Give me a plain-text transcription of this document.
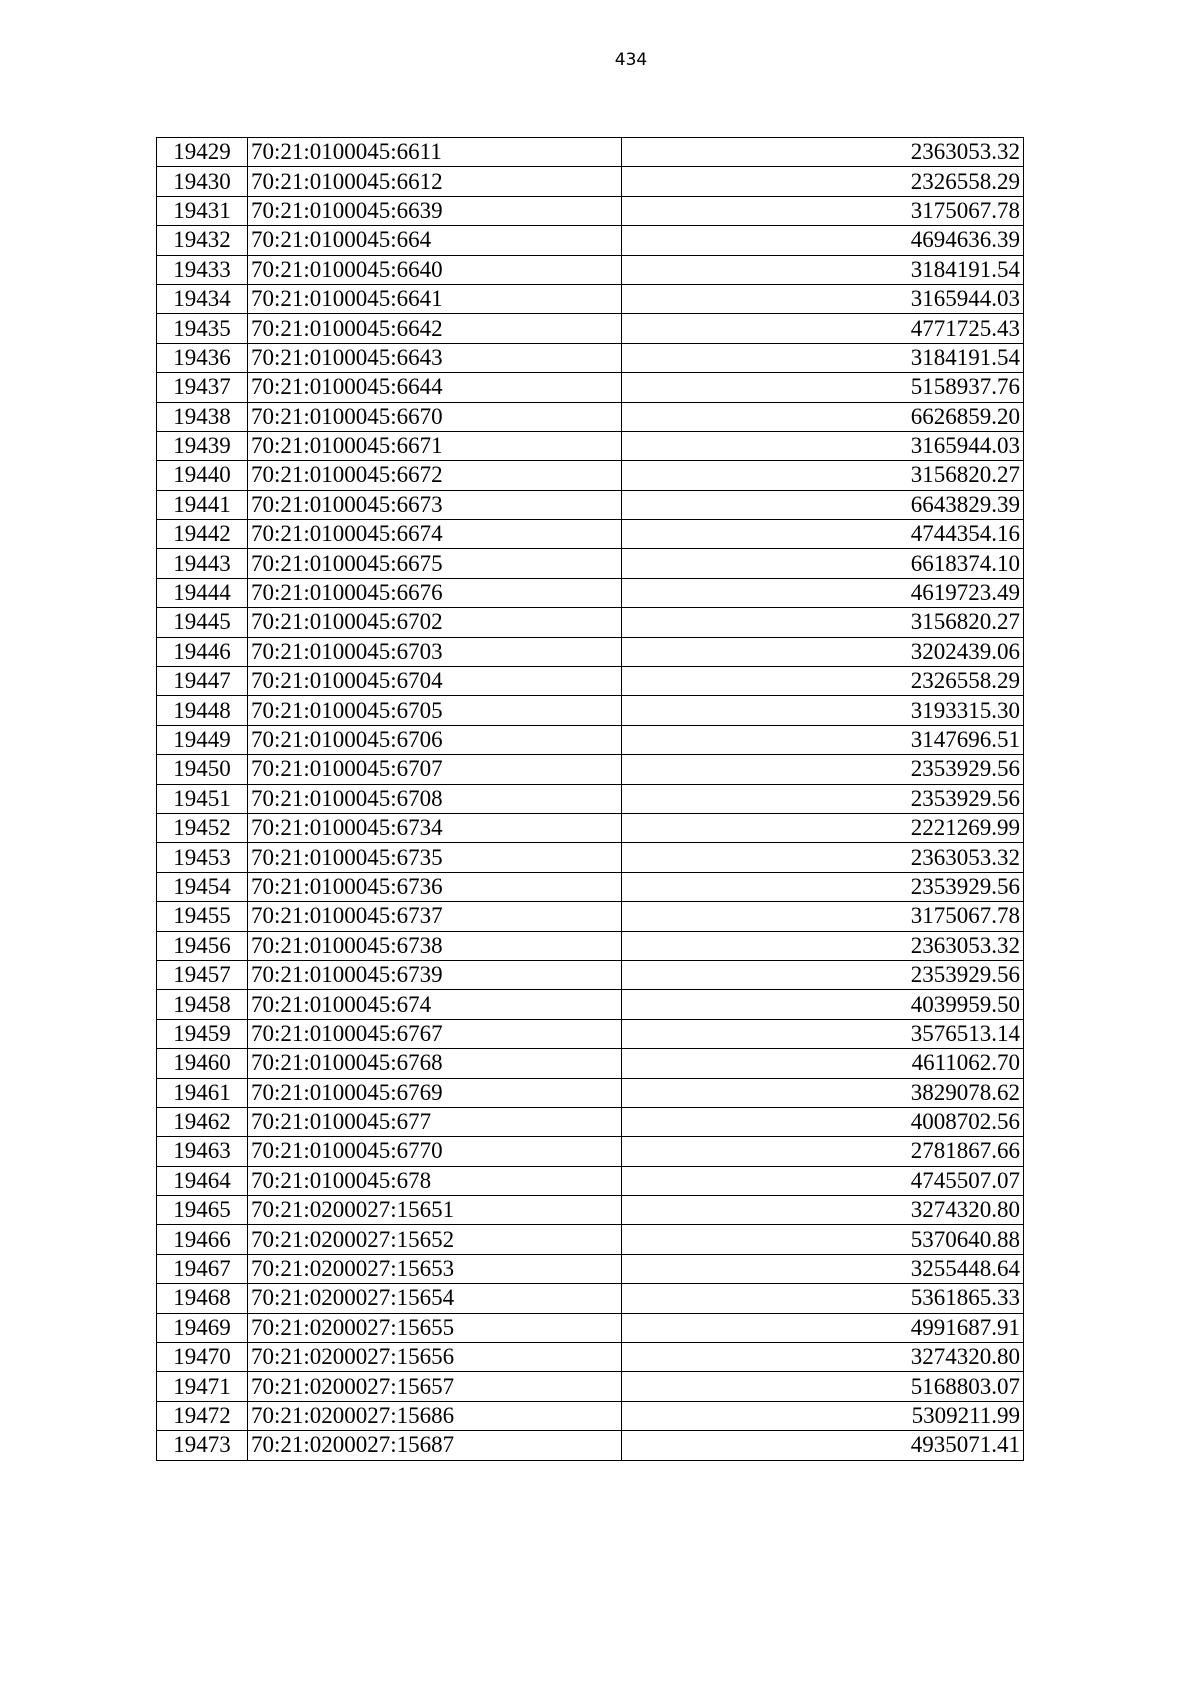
434
19429	70:21:0100045:6611	2363053.32
19430	70:21:0100045:6612	2326558.29
19431	70:21:0100045:6639	3175067.78
19432	70:21:0100045:664	4694636.39
19433	70:21:0100045:6640	3184191.54
19434	70:21:0100045:6641	3165944.03
19435	70:21:0100045:6642	4771725.43
19436	70:21:0100045:6643	3184191.54
19437	70:21:0100045:6644	5158937.76
19438	70:21:0100045:6670	6626859.20
19439	70:21:0100045:6671	3165944.03
19440	70:21:0100045:6672	3156820.27
19441	70:21:0100045:6673	6643829.39
19442	70:21:0100045:6674	4744354.16
19443	70:21:0100045:6675	6618374.10
19444	70:21:0100045:6676	4619723.49
19445	70:21:0100045:6702	3156820.27
19446	70:21:0100045:6703	3202439.06
19447	70:21:0100045:6704	2326558.29
19448	70:21:0100045:6705	3193315.30
19449	70:21:0100045:6706	3147696.51
19450	70:21:0100045:6707	2353929.56
19451	70:21:0100045:6708	2353929.56
19452	70:21:0100045:6734	2221269.99
19453	70:21:0100045:6735	2363053.32
19454	70:21:0100045:6736	2353929.56
19455	70:21:0100045:6737	3175067.78
19456	70:21:0100045:6738	2363053.32
19457	70:21:0100045:6739	2353929.56
19458	70:21:0100045:674	4039959.50
19459	70:21:0100045:6767	3576513.14
19460	70:21:0100045:6768	4611062.70
19461	70:21:0100045:6769	3829078.62
19462	70:21:0100045:677	4008702.56
19463	70:21:0100045:6770	2781867.66
19464	70:21:0100045:678	4745507.07
19465	70:21:0200027:15651	3274320.80
19466	70:21:0200027:15652	5370640.88
19467	70:21:0200027:15653	3255448.64
19468	70:21:0200027:15654	5361865.33
19469	70:21:0200027:15655	4991687.91
19470	70:21:0200027:15656	3274320.80
19471	70:21:0200027:15657	5168803.07
19472	70:21:0200027:15686	5309211.99
19473	70:21:0200027:15687	4935071.41
